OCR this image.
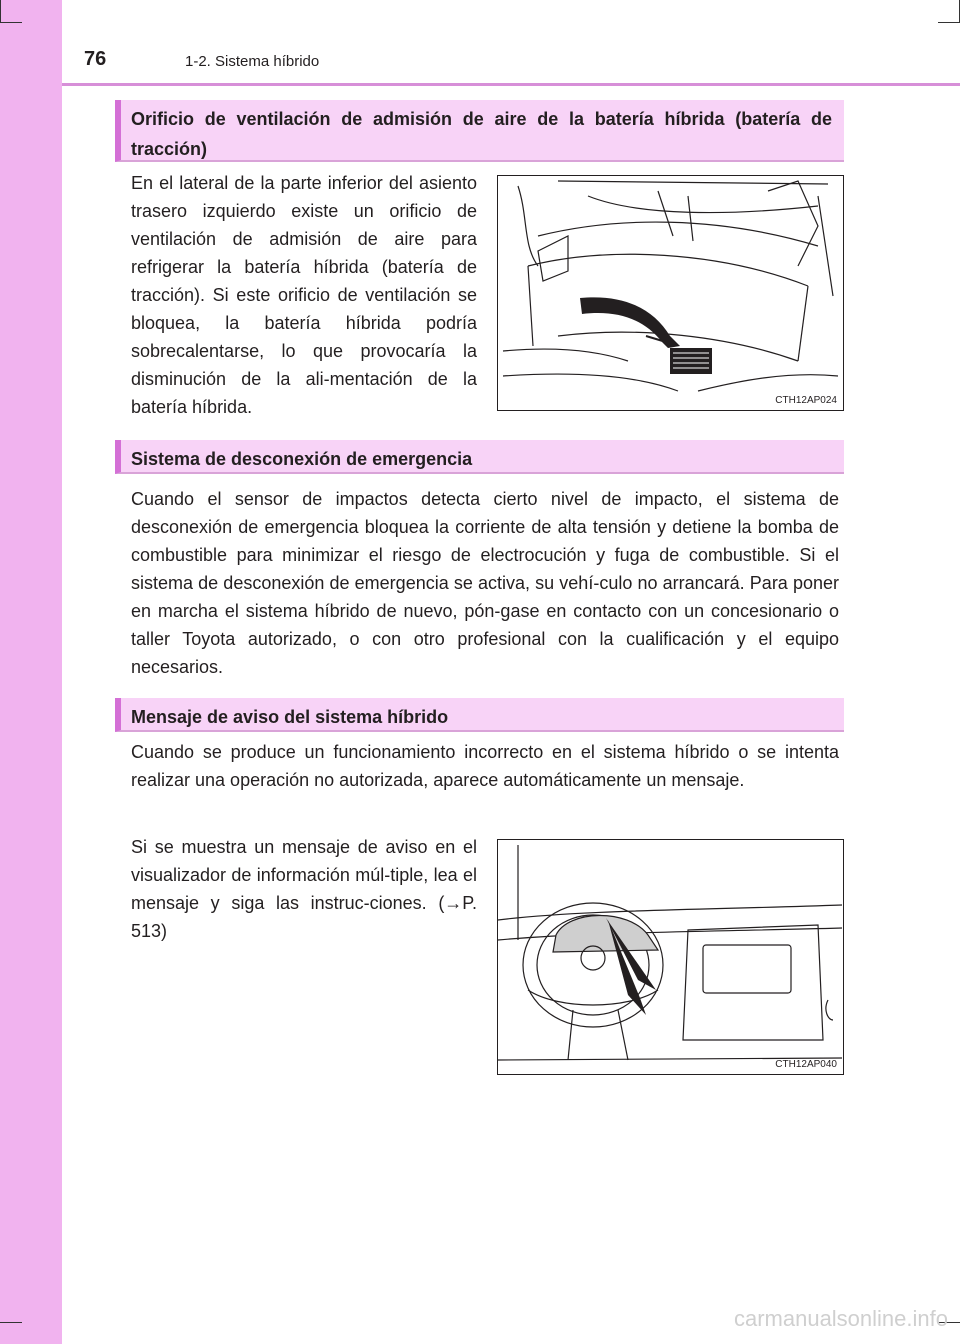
76	1-2. Sistema híbrido
Orificio de ventilación de admisión de aire de la batería híbrida (batería de tracción)

En el lateral de la parte inferior del asiento trasero izquierdo existe un orificio de ventilación de admisión de aire para refrigerar la batería híbrida (batería de tracción). Si este orificio de ventilación se bloquea, la batería híbrida podría sobrecalentarse, lo que provocaría la disminución de la ali-mentación de la batería híbrida.	CTH12AP024
Sistema de desconexión de emergencia

Cuando el sensor de impactos detecta cierto nivel de impacto, el sistema de desconexión de emergencia bloquea la corriente de alta tensión y detiene la bomba de combustible para minimizar el riesgo de electrocución y fuga de combustible. Si el sistema de desconexión de emergencia se activa, su vehí-culo no arrancará. Para poner en marcha el sistema híbrido de nuevo, pón-gase en contacto con un concesionario o taller Toyota autorizado, o con otro profesional con la cualificación y el equipo necesarios.

Mensaje de aviso del sistema híbrido

Cuando se produce un funcionamiento incorrecto en el sistema híbrido o se intenta realizar una operación no autorizada, aparece automáticamente un mensaje.

Si se muestra un mensaje de aviso en el visualizador de información múl-tiple, lea el mensaje y siga las instruc-ciones. (→P. 513)

CTH12AP040
carmanualsonline.info
